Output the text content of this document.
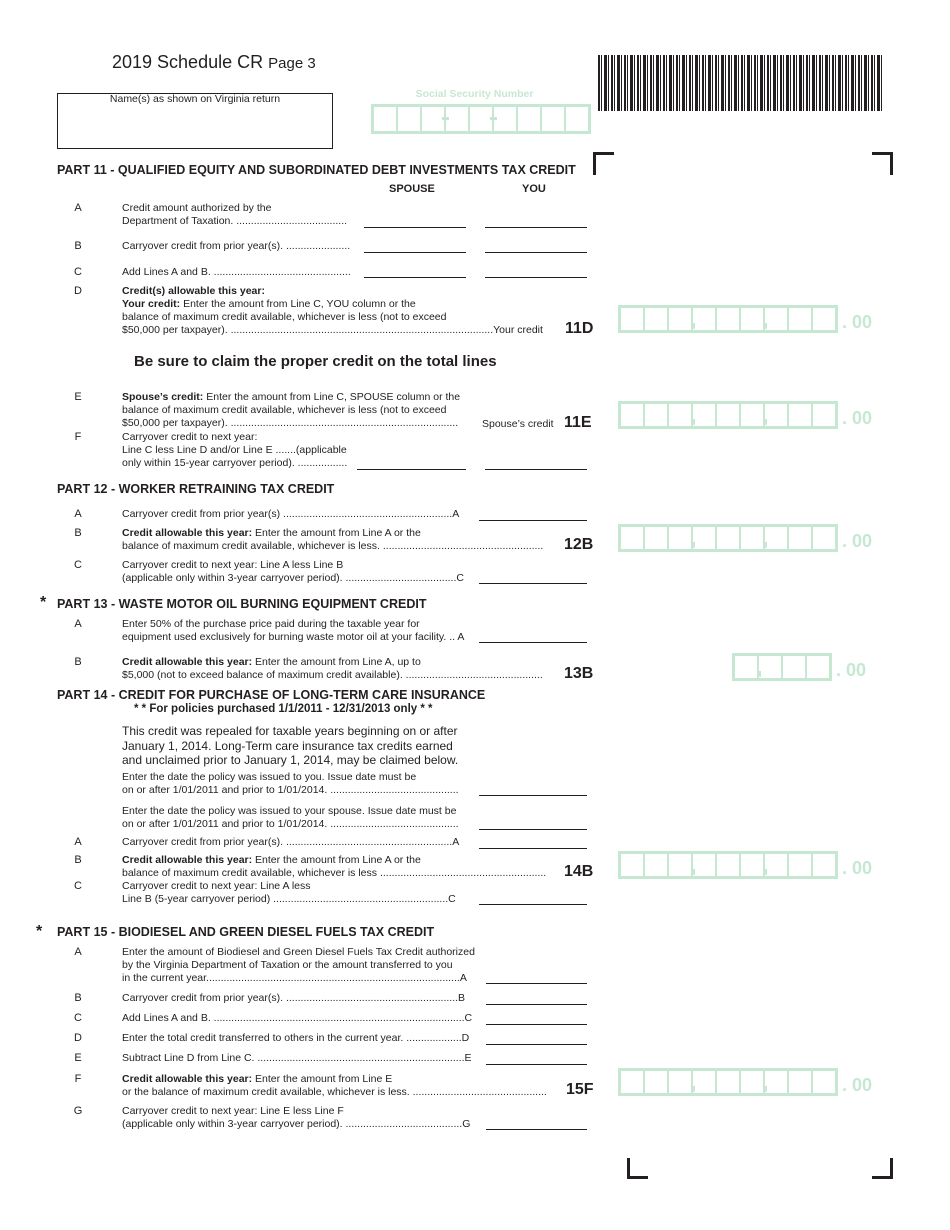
2019 Schedule CR Page 3
Name(s) as shown on Virginia return	Social Security Number
PART 11 - QUALIFIED EQUITY AND SUBORDINATED DEBT INVESTMENTS TAX CREDIT
SPOUSE	YOU
A	Credit amount authorized by the
Department of Taxation. ......................................
B	Carryover credit from prior year(s). ......................
C	Add Lines A and B. ...............................................
D	Credit(s) allowable this year:
Your credit: Enter the amount from Line C, YOU column or the
balance of maximum credit available, whichever is less (not to exceed
$50,000 per taxpayer). ..........................................................................................Your credit	11D	. 00
Be sure to claim the proper credit on the total lines
E	Spouse’s credit: Enter the amount from Line C, SPOUSE column or the
balance of maximum credit available, whichever is less (not to exceed
$50,000 per taxpayer). ..............................................................................	Spouse’s credit 11E	. 00
F	Carryover credit to next year:
Line C less Line D and/or Line E .......(applicable
only within 15-year carryover period). .................
PART 12 - WORKER RETRAINING TAX CREDIT
A	Carryover credit from prior year(s) ..........................................................A
B	Credit allowable this year: Enter the amount from Line A or the
balance of maximum credit available, whichever is less. .......................................................	12B	. 00
C	Carryover credit to next year: Line A less Line B
(applicable only within 3-year carryover period). ......................................C
* PART 13 - WASTE MOTOR OIL BURNING EQUIPMENT CREDIT
A	Enter 50% of the purchase price paid during the taxable year for
equipment used exclusively for burning waste motor oil at your facility. .. A
B	Credit allowable this year: Enter the amount from Line A, up to
$5,000 (not to exceed balance of maximum credit available). ...............................................	13B	. 00
PART 14 - CREDIT FOR PURCHASE OF LONG-TERM CARE INSURANCE
* * For policies purchased 1/1/2011 - 12/31/2013 only * *
This credit was repealed for taxable years beginning on or after
January 1, 2014. Long-Term care insurance tax credits earned
and unclaimed prior to January 1, 2014, may be claimed below.
Enter the date the policy was issued to you. Issue date must be
on or after 1/01/2011 and prior to 1/01/2014. ............................................
Enter the date the policy was issued to your spouse. Issue date must be
on or after 1/01/2011 and prior to 1/01/2014. ............................................
A	Carryover credit from prior year(s). .........................................................A
B	Credit allowable this year: Enter the amount from Line A or the
balance of maximum credit available, whichever is less .........................................................	14B	. 00
C	Carryover credit to next year: Line A less
Line B (5-year carryover period) ............................................................C
* PART 15 - BIODIESEL AND GREEN DIESEL FUELS TAX CREDIT
A	Enter the amount of Biodiesel and Green Diesel Fuels Tax Credit authorized
by the Virginia Department of Taxation or the amount transferred to you
in the current year.......................................................................................A
B	Carryover credit from prior year(s). ...........................................................B
C	Add Lines A and B. ......................................................................................C
D	Enter the total credit transferred to others in the current year. ...................D
E	Subtract Line D from Line C. .......................................................................E
F	Credit allowable this year: Enter the amount from Line E
or the balance of maximum credit available, whichever is less. ..............................................	15F	. 00
G	Carryover credit to next year: Line E less Line F
(applicable only within 3-year carryover period). ........................................G
